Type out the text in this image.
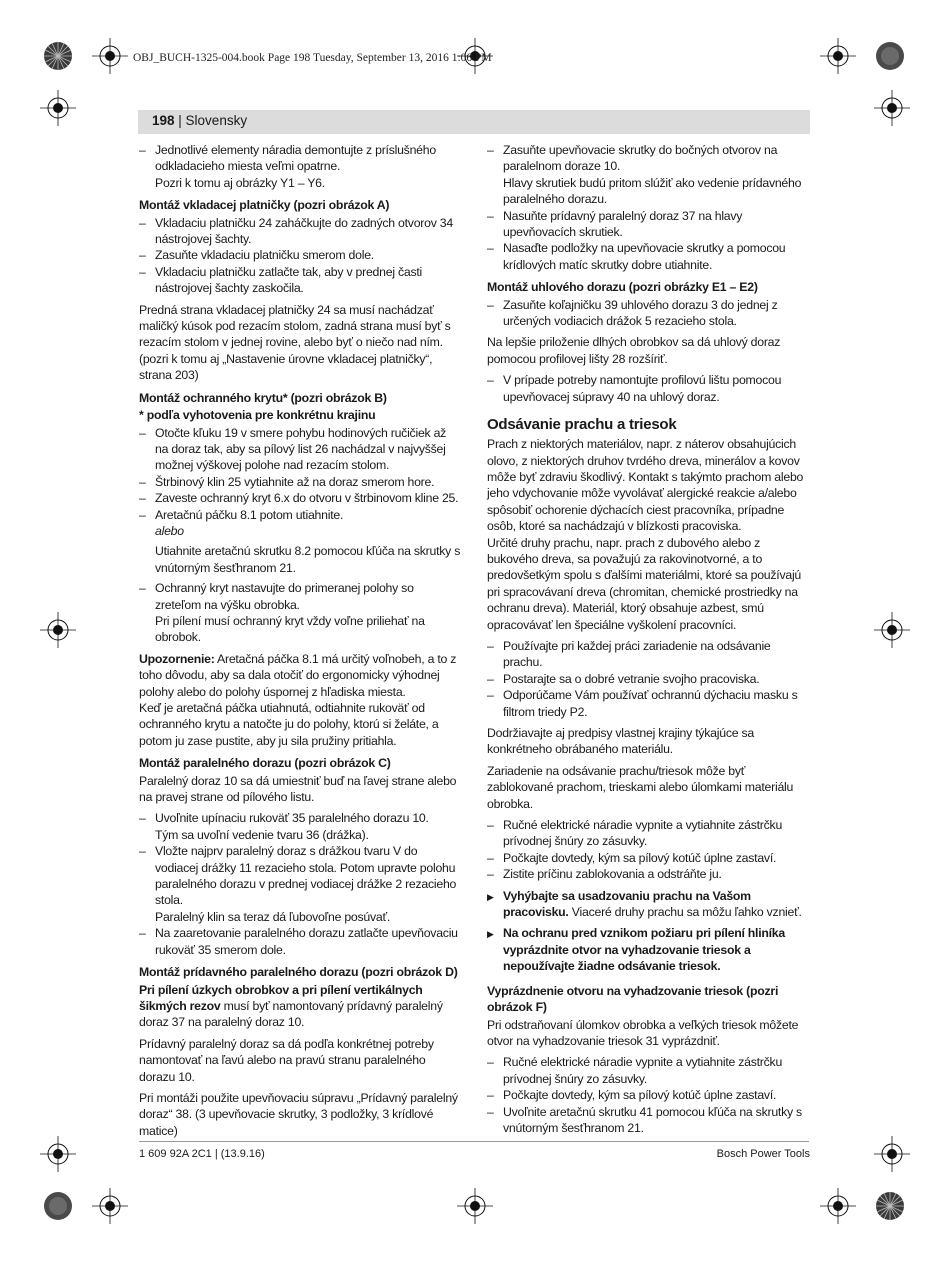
OBJ_BUCH-1325-004.book Page 198 Tuesday, September 13, 2016 1:06 PM
198 | Slovensky
– Jednotlivé elementy náradia demontujte z príslušného odkladacieho miesta veľmi opatrne.
Pozri k tomu aj obrázky Y1 – Y6.
Montáž vkladacej platničky (pozri obrázok A)
– Vkladaciu platničku 24 zaháčkujte do zadných otvorov 34 nástrojovej šachty.
– Zasuňte vkladaciu platničku smerom dole.
– Vkladaciu platničku zatlačte tak, aby v prednej časti nástrojovej šachty zaskočila.

Predná strana vkladacej platničky 24 sa musí nachádzať maličký kúsok pod rezacím stolom, zadná strana musí byť s rezacím stolom v jednej rovine, alebo byť o niečo nad ním. (pozri k tomu aj „Nastavenie úrovne vkladacej platničky“, strana 203)

Montáž ochranného krytu* (pozri obrázok B)
* podľa vyhotovenia pre konkrétnu krajinu
– Otočte kľuku 19 v smere pohybu hodinových ručičiek až na doraz tak, aby sa pílový list 26 nachádzal v najvyššej možnej výškovej polohe nad rezacím stolom.
– Štrbinový klin 25 vytiahnite až na doraz smerom hore.
– Zaveste ochranný kryt 6.x do otvoru v štrbinovom kline 25.
– Aretačnú páčku 8.1 potom utiahnite.
alebo
Utiahnite aretačnú skrutku 8.2 pomocou kľúča na skrutky s vnútorným šesťhranom 21.
– Ochranný kryt nastavujte do primeranej polohy so zreteľom na výšku obrobka.
Pri pílení musí ochranný kryt vždy voľne priliehať na obrobok.

Upozornenie: Aretačná páčka 8.1 má určitý voľnobeh, a to z toho dôvodu, aby sa dala otočiť do ergonomicky výhodnej polohy alebo do polohy úspornej z hľadiska miesta.

Keď je aretačná páčka utiahnutá, odtiahnite rukoväť od ochranného krytu a natočte ju do polohy, ktorú si želáte, a potom ju zase pustite, aby ju sila pružiny pritiahla.

Montáž paralelného dorazu (pozri obrázok C)

Paralelný doraz 10 sa dá umiestniť buď na ľavej strane alebo na pravej strane od pílového listu.

– Uvoľnite upínaciu rukoväť 35 paralelného dorazu 10.
Tým sa uvoľní vedenie tvaru 36 (drážka).
– Vložte najprv paralelný doraz s drážkou tvaru V do vodiacej drážky 11 rezacieho stola. Potom upravte polohu paralelného dorazu v prednej vodiacej drážke 2 rezacieho stola.
Paralelný klin sa teraz dá ľubovoľne posúvať.
– Na zaaretovanie paralelného dorazu zatlačte upevňovaciu rukoväť 35 smerom dole.
Montáž prídavného paralelného dorazu (pozri obrázok D)

Pri pílení úzkych obrobkov a pri pílení vertikálnych šikmých rezov musí byť namontovaný prídavný paralelný doraz 37 na paralelný doraz 10.

Prídavný paralelný doraz sa dá podľa konkrétnej potreby namontovať na ľavú alebo na pravú stranu paralelného dorazu 10.

Pri montáži použite upevňovaciu súpravu „Prídavný paralelný doraz“ 38. (3 upevňovacie skrutky, 3 podložky, 3 krídlové matice)

– Zasuňte upevňovacie skrutky do bočných otvorov na paralelnom doraze 10.
Hlavy skrutiek budú pritom slúžiť ako vedenie prídavného paralelného dorazu.
– Nasuňte prídavný paralelný doraz 37 na hlavy upevňovacích skrutiek.
– Nasaďte podložky na upevňovacie skrutky a pomocou krídlových matíc skrutky dobre utiahnite.
Montáž uhlového dorazu (pozri obrázky E1 – E2)
– Zasuňte koľajničku 39 uhlového dorazu 3 do jednej z určených vodiacich drážok 5 rezacieho stola.

Na lepšie priloženie dlhých obrobkov sa dá uhlový doraz pomocou profilovej lišty 28 rozšíriť.

– V prípade potreby namontujte profilovú lištu pomocou upevňovacej súpravy 40 na uhlový doraz.
Odsávanie prachu a triesok

Prach z niektorých materiálov, napr. z náterov obsahujúcich olovo, z niektorých druhov tvrdého dreva, minerálov a kovov môže byť zdraviu škodlivý. Kontakt s takýmto prachom alebo jeho vdychovanie môže vyvolávať alergické reakcie a/alebo spôsobiť ochorenie dýchacích ciest pracovníka, prípadne osôb, ktoré sa nachádzajú v blízkosti pracoviska.

Určité druhy prachu, napr. prach z dubového alebo z bukového dreva, sa považujú za rakovinotvorné, a to predovšetkým spolu s ďalšími materiálmi, ktoré sa používajú pri spracovávaní dreva (chromitan, chemické prostriedky na ochranu dreva). Materiál, ktorý obsahuje azbest, smú opracovávať len špeciálne vyškolení pracovníci.

– Používajte pri každej práci zariadenie na odsávanie prachu.
– Postarajte sa o dobré vetranie svojho pracoviska.
– Odporúčame Vám používať ochrannú dýchaciu masku s filtrom triedy P2.

Dodržiavajte aj predpisy vlastnej krajiny týkajúce sa konkrétneho obrábaného materiálu.

Zariadenie na odsávanie prachu/triesok môže byť zablokované prachom, trieskami alebo úlomkami materiálu obrobka.

– Ručné elektrické náradie vypnite a vytiahnite zástrčku prívodnej šnúry zo zásuvky.
– Počkajte dovtedy, kým sa pílový kotúč úplne zastaví.
– Zistite príčinu zablokovania a odstráňte ju.

▶ Vyhýbajte sa usadzovaniu prachu na Vašom pracovisku. Viaceré druhy prachu sa môžu ľahko vznieť.

▶ Na ochranu pred vznikom požiaru pri pílení hliníka vyprázdnite otvor na vyhadzovanie triesok a nepoužívajte žiadne odsávanie triesok.

Vyprázdnenie otvoru na vyhadzovanie triesok (pozri obrázok F)

Pri odstraňovaní úlomkov obrobka a veľkých triesok môžete otvor na vyhadzovanie triesok 31 vyprázdniť.

– Ručné elektrické náradie vypnite a vytiahnite zástrčku prívodnej šnúry zo zásuvky.
– Počkajte dovtedy, kým sa pílový kotúč úplne zastaví.
– Uvoľnite aretačnú skrutku 41 pomocou kľúča na skrutky s vnútorným šesťhranom 21.
1 609 92A 2C1 | (13.9.16)	Bosch Power Tools
